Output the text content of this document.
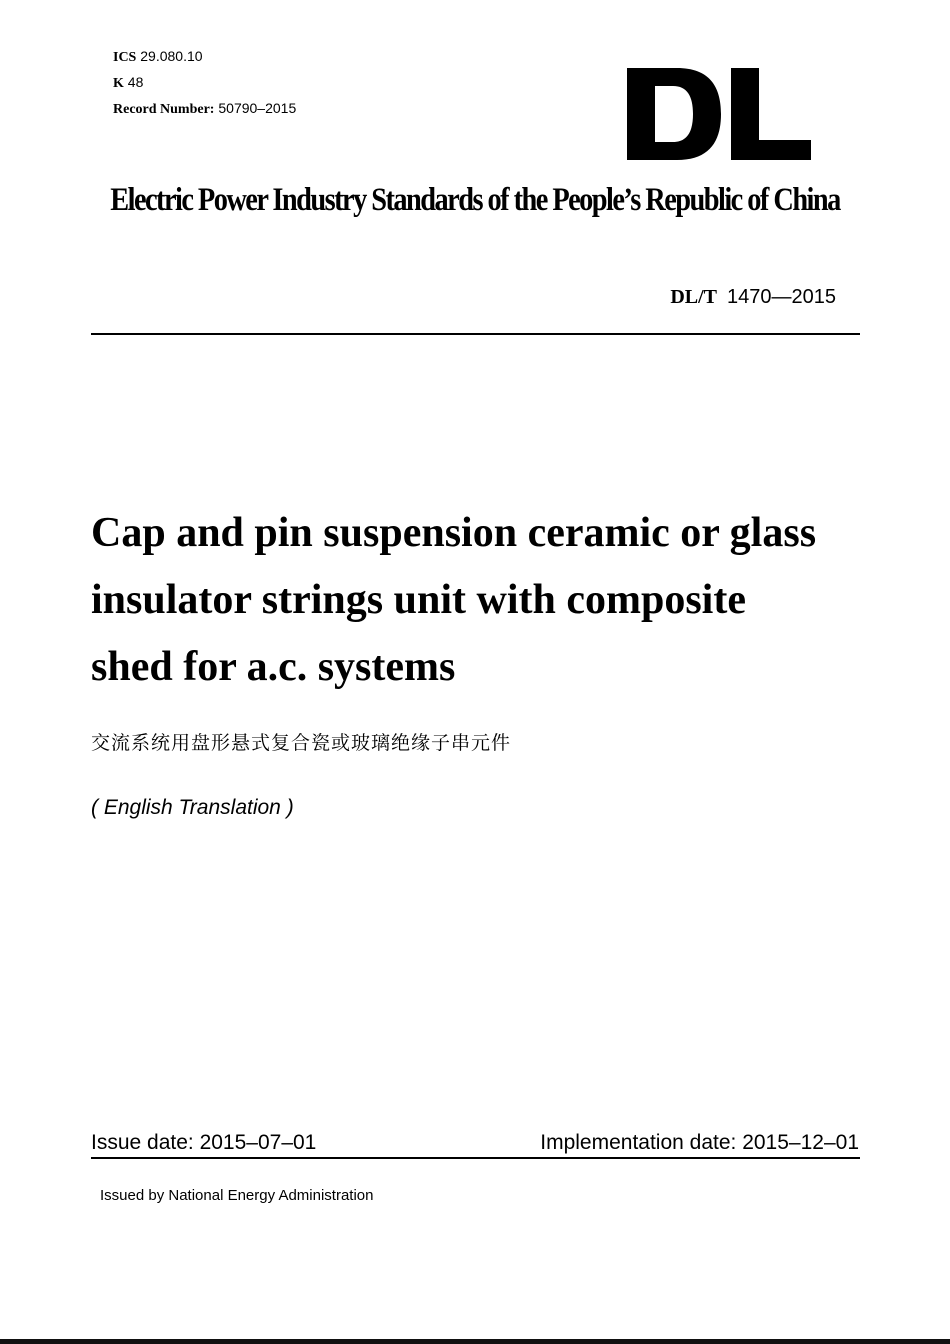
ICS 29.080.10
K 48
Record Number: 50790–2015
Electric Power Industry Standards of the People’s Republic of China
DL/T 1470—2015
Cap and pin suspension ceramic or glass
insulator strings unit with composite
shed for a.c. systems
交流系统用盘形悬式复合瓷或玻璃绝缘子串元件
( English Translation )
Issue date: 2015–07–01	Implementation date: 2015–12–01
Issued by National Energy Administration
